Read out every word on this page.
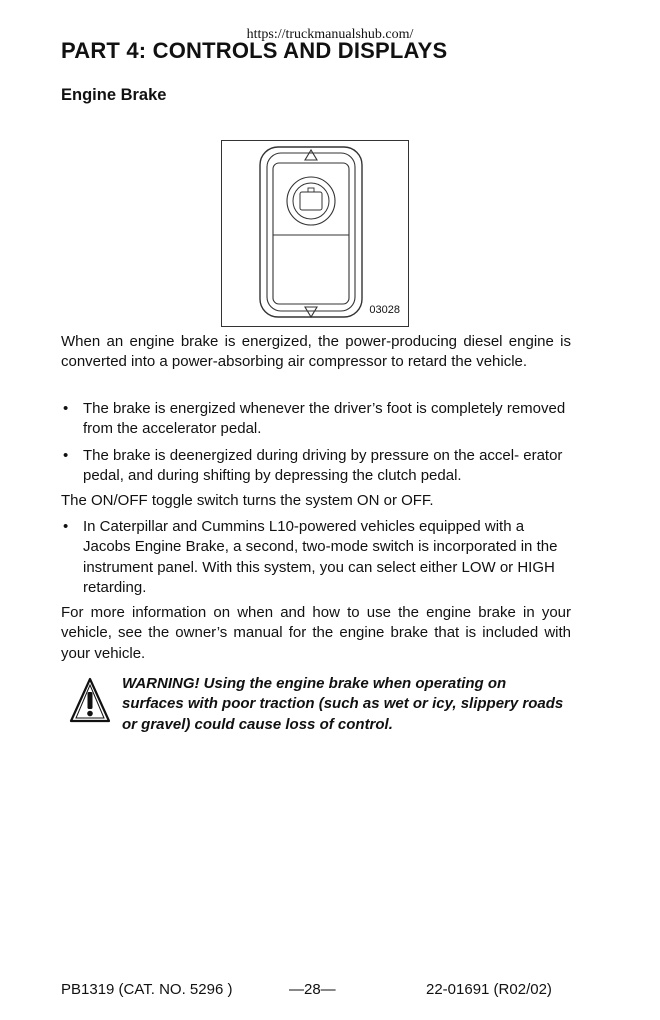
https://truckmanualshub.com/
PART 4: CONTROLS AND DISPLAYS
Engine Brake
03028
When an engine brake is energized, the power-producing diesel engine is converted into a power-absorbing air compressor to retard the vehicle.
• The brake is energized whenever the driver’s foot is completely removed from the accelerator pedal.
• The brake is deenergized during driving by pressure on the accel- erator pedal, and during shifting by depressing the clutch pedal.
The ON/OFF toggle switch turns the system ON or OFF.
• In Caterpillar and Cummins L10-powered vehicles equipped with a Jacobs Engine Brake, a second, two-mode switch is incorporated in the instrument panel. With this system, you can select either LOW or HIGH retarding.
For more information on when and how to use the engine brake in your vehicle, see the owner’s manual for the engine brake that is included with your vehicle.
WARNING! Using the engine brake when operating on surfaces with poor traction (such as wet or icy, slippery roads or gravel) could cause loss of control.
PB1319 (CAT. NO. 5296 )	—28—	22-01691 (R02/02)
